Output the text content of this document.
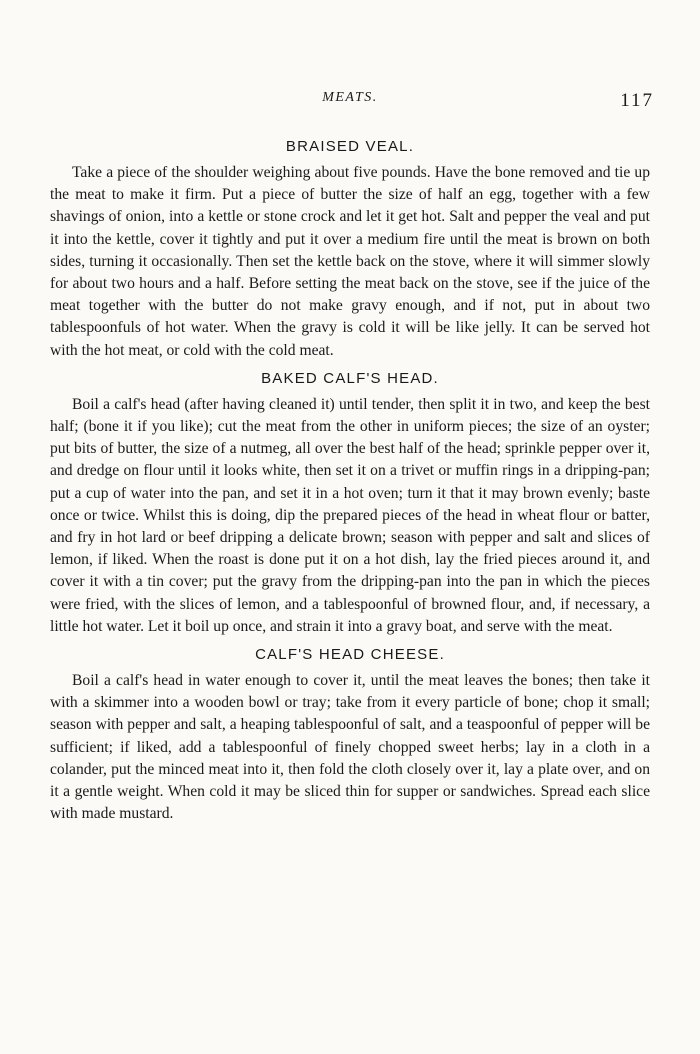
MEATS.	117
BRAISED VEAL.

Take a piece of the shoulder weighing about five pounds. Have the bone removed and tie up the meat to make it firm. Put a piece of butter the size of half an egg, together with a few shavings of onion, into a kettle or stone crock and let it get hot. Salt and pepper the veal and put it into the kettle, cover it tightly and put it over a medium fire until the meat is brown on both sides, turning it occasionally. Then set the kettle back on the stove, where it will simmer slowly for about two hours and a half. Before setting the meat back on the stove, see if the juice of the meat together with the butter do not make gravy enough, and if not, put in about two tablespoonfuls of hot water. When the gravy is cold it will be like jelly. It can be served hot with the hot meat, or cold with the cold meat.

BAKED CALF'S HEAD.

Boil a calf's head (after having cleaned it) until tender, then split it in two, and keep the best half; (bone it if you like); cut the meat from the other in uniform pieces; the size of an oyster; put bits of butter, the size of a nutmeg, all over the best half of the head; sprinkle pepper over it, and dredge on flour until it looks white, then set it on a trivet or muffin rings in a dripping-pan; put a cup of water into the pan, and set it in a hot oven; turn it that it may brown evenly; baste once or twice. Whilst this is doing, dip the prepared pieces of the head in wheat flour or batter, and fry in hot lard or beef dripping a delicate brown; season with pepper and salt and slices of lemon, if liked. When the roast is done put it on a hot dish, lay the fried pieces around it, and cover it with a tin cover; put the gravy from the dripping-pan into the pan in which the pieces were fried, with the slices of lemon, and a tablespoonful of browned flour, and, if necessary, a little hot water. Let it boil up once, and strain it into a gravy boat, and serve with the meat.

CALF'S HEAD CHEESE.

Boil a calf's head in water enough to cover it, until the meat leaves the bones; then take it with a skimmer into a wooden bowl or tray; take from it every particle of bone; chop it small; season with pepper and salt, a heaping tablespoonful of salt, and a teaspoonful of pepper will be sufficient; if liked, add a tablespoonful of finely chopped sweet herbs; lay in a cloth in a colander, put the minced meat into it, then fold the cloth closely over it, lay a plate over, and on it a gentle weight. When cold it may be sliced thin for supper or sandwiches. Spread each slice with made mustard.
